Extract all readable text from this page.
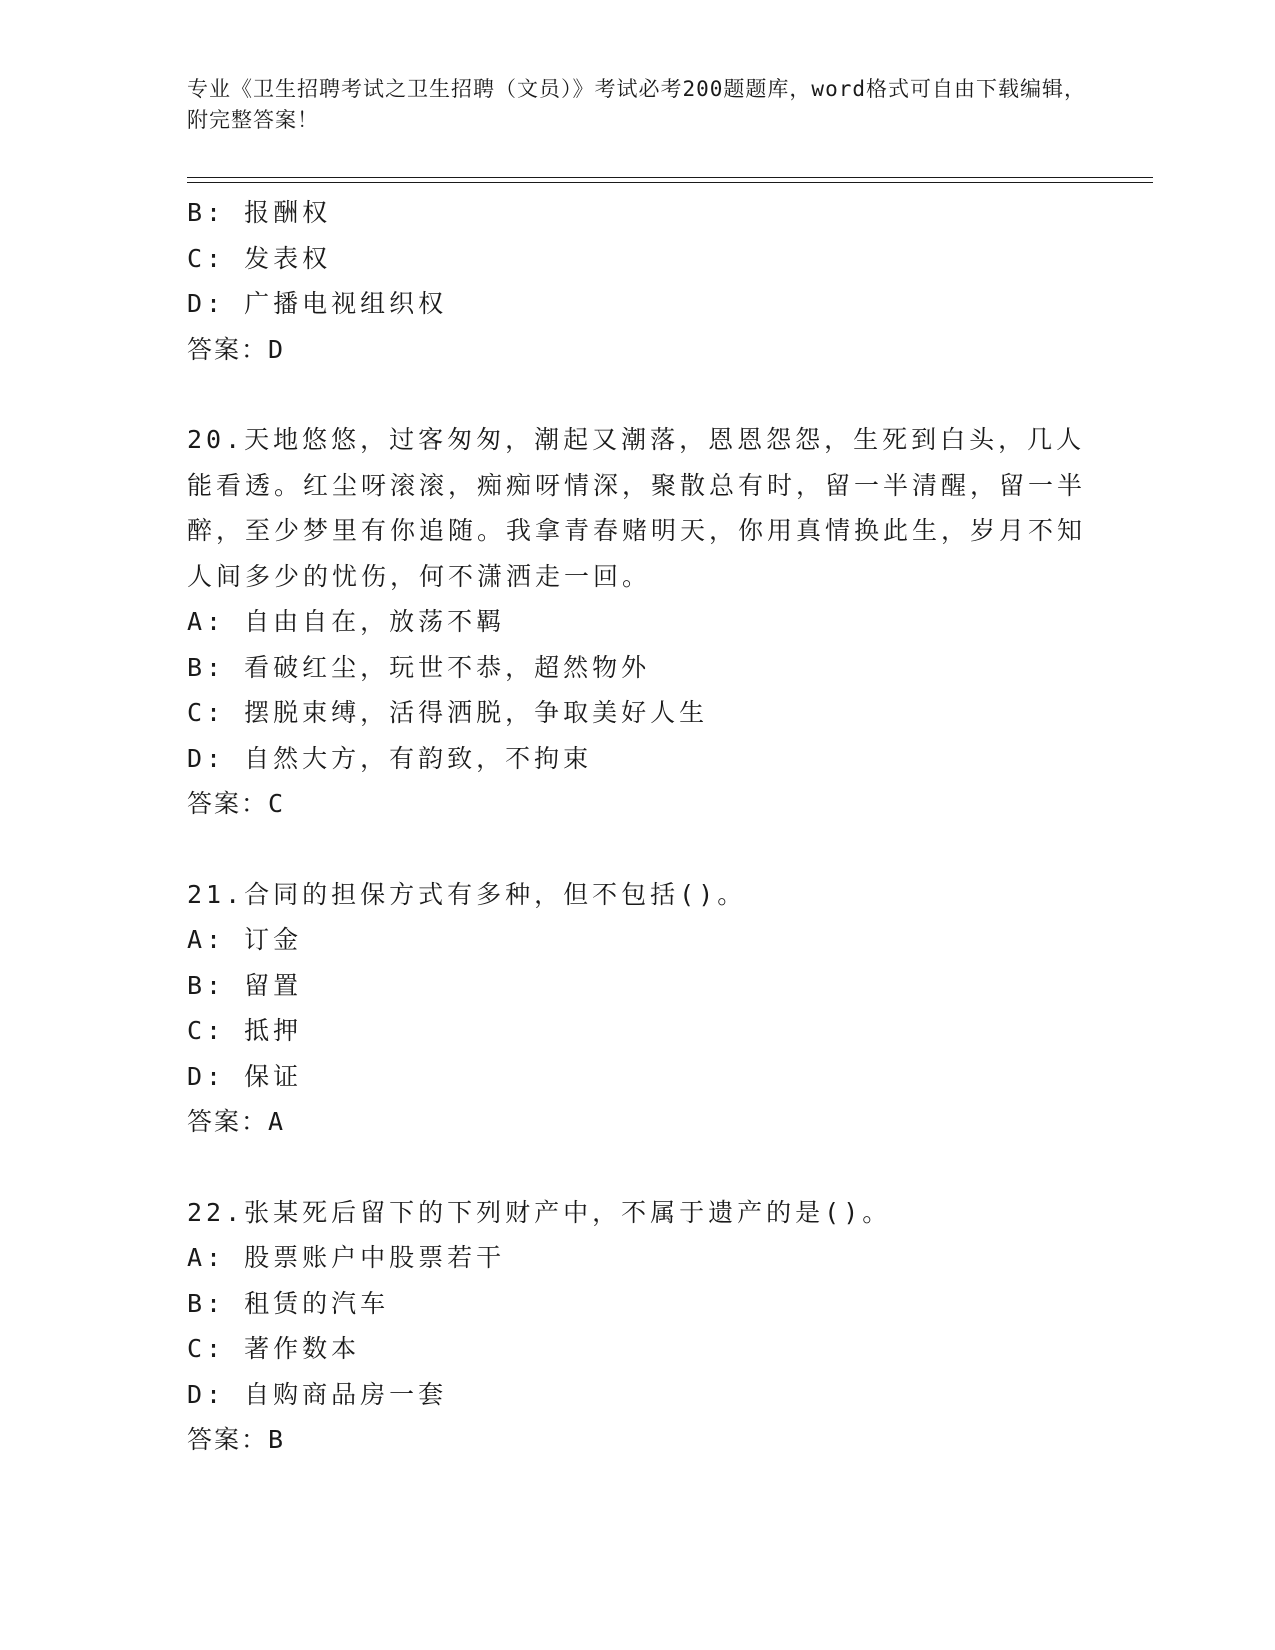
专业《卫生招聘考试之卫生招聘（文员）》考试必考200题题库，word格式可自由下载编辑，附完整答案！
B: 报酬权
C: 发表权
D: 广播电视组织权
答案：D
20.天地悠悠，过客匆匆，潮起又潮落，恩恩怨怨，生死到白头，几人能看透。红尘呀滚滚，痴痴呀情深，聚散总有时，留一半清醒，留一半醉，至少梦里有你追随。我拿青春赌明天，你用真情换此生，岁月不知人间多少的忧伤，何不潇洒走一回。
A: 自由自在，放荡不羁
B: 看破红尘，玩世不恭，超然物外
C: 摆脱束缚，活得洒脱，争取美好人生
D: 自然大方，有韵致，不拘束
答案：C
21.合同的担保方式有多种，但不包括()。
A: 订金
B: 留置
C: 抵押
D: 保证
答案：A
22.张某死后留下的下列财产中，不属于遗产的是()。
A: 股票账户中股票若干
B: 租赁的汽车
C: 著作数本
D: 自购商品房一套
答案：B
